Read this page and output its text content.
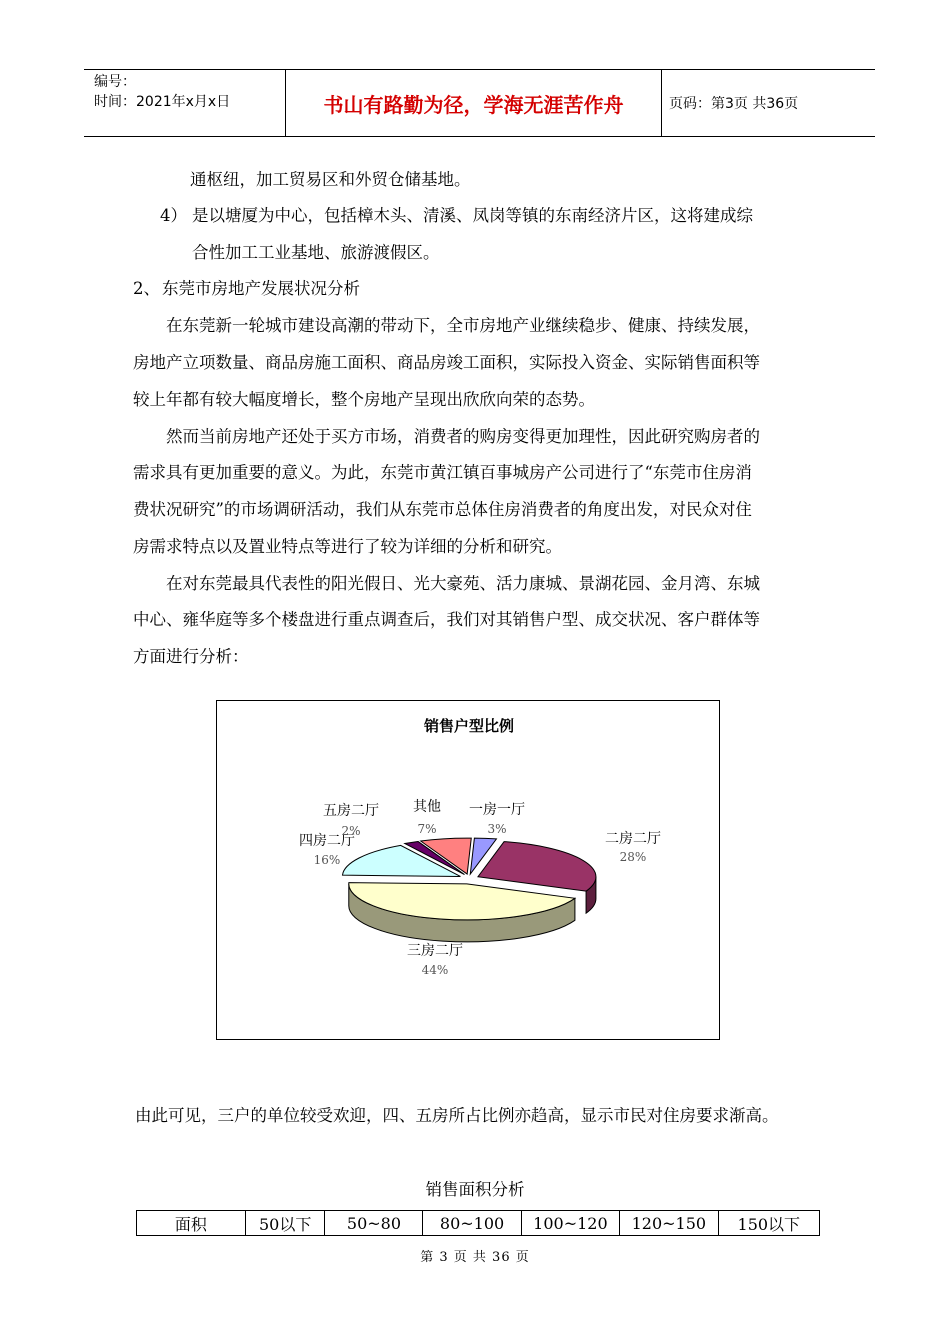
编号：
时间：2021年x月x日	书山有路勤为径，学海无涯苦作舟	页码：第3页 共36页
通枢纽，加工贸易区和外贸仓储基地。
4） 是以塘厦为中心，包括樟木头、清溪、凤岗等镇的东南经济片区，这将建成综
合性加工工业基地、旅游渡假区。
2、 东莞市房地产发展状况分析
在东莞新一轮城市建设高潮的带动下，全市房地产业继续稳步、健康、持续发展，
房地产立项数量、商品房施工面积、商品房竣工面积，实际投入资金、实际销售面积等
较上年都有较大幅度增长，整个房地产呈现出欣欣向荣的态势。
然而当前房地产还处于买方市场，消费者的购房变得更加理性，因此研究购房者的
需求具有更加重要的意义。为此，东莞市黄江镇百事城房产公司进行了“东莞市住房消
费状况研究”的市场调研活动，我们从东莞市总体住房消费者的角度出发，对民众对住
房需求特点以及置业特点等进行了较为详细的分析和研究。
在对东莞最具代表性的阳光假日、光大豪苑、活力康城、景湖花园、金月湾、东城
中心、雍华庭等多个楼盘进行重点调查后，我们对其销售户型、成交状况、客户群体等
方面进行分析：
销售户型比例
一房一厅
3%
二房二厅
28%
三房二厅
44%
四房二厅
16%
五房二厅
2%
其他
7%
由此可见，三户的单位较受欢迎，四、五房所占比例亦趋高，显示市民对住房要求渐高。
销售面积分析
面积	50以下	50~80	80~100	100~120	120~150	150以下
第 3 页 共 36 页
